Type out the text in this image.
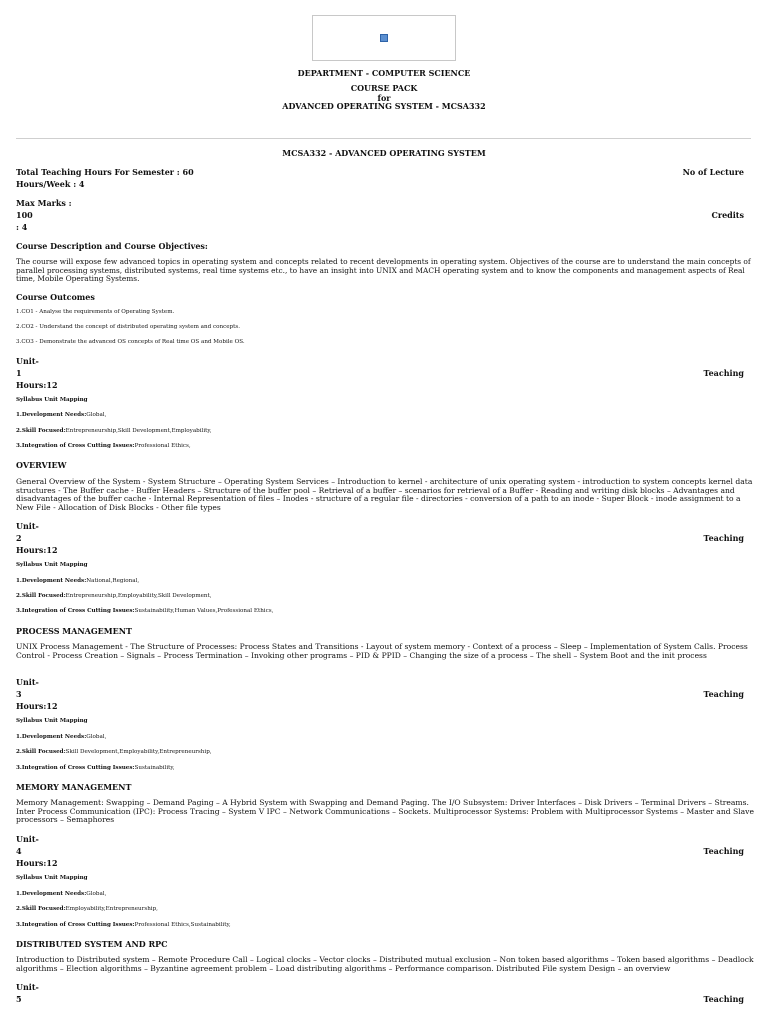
DEPARTMENT - COMPUTER SCIENCE
COURSE PACK
for
ADVANCED OPERATING SYSTEM - MCSA332
MCSA332 - ADVANCED OPERATING SYSTEM
Total Teaching Hours For Semester : 60	No of Lecture
Hours/Week : 4
Max Marks :
100	Credits
: 4
Course Description and Course Objectives:
The course will expose few advanced topics in operating system and concepts related to recent developments in operating system. Objectives of the course are to understand the main concepts of parallel processing systems, distributed systems, real time systems etc., to have an insight into UNIX and MACH operating system and to know the components and management aspects of Real time, Mobile Operating Systems.
Course Outcomes
1.CO1 - Analyse the requirements of Operating System.
2.CO2 - Understand the concept of distributed operating system and concepts.
3.CO3 - Demonstrate the advanced OS concepts of Real time OS and Mobile OS.
Unit-
1	Teaching
Hours:12
Syllabus Unit Mapping
1.Development Needs:Global,
2.Skill Focused:Entrepreneurship,Skill Development,Employability,
3.Integration of Cross Cutting Issues:Professional Ethics,
OVERVIEW
General Overview of the System - System Structure – Operating System Services – Introduction to kernel - architecture of unix operating system - introduction to system concepts kernel data structures - The Buffer cache - Buffer Headers – Structure of the buffer pool – Retrieval of a buffer – scenarios for retrieval of a Buffer - Reading and writing disk blocks – Advantages and disadvantages of the buffer cache - Internal Representation of files – Inodes - structure of a regular file - directories - conversion of a path to an inode - Super Block - inode assignment to a New File - Allocation of Disk Blocks - Other file types
Unit-
2	Teaching
Hours:12
Syllabus Unit Mapping
1.Development Needs:National,Regional,
2.Skill Focused:Entrepreneurship,Employability,Skill Development,
3.Integration of Cross Cutting Issues:Sustainability,Human Values,Professional Ethics,
PROCESS MANAGEMENT
UNIX Process Management - The Structure of Processes: Process States and Transitions - Layout of system memory - Context of a process – Sleep – Implementation of System Calls. Process Control - Process Creation – Signals – Process Termination – Invoking other programs – PID & PPID – Changing the size of a process – The shell – System Boot and the init process
Unit-
3	Teaching
Hours:12
Syllabus Unit Mapping
1.Development Needs:Global,
2.Skill Focused:Skill Development,Employability,Entrepreneurship,
3.Integration of Cross Cutting Issues:Sustainability,
MEMORY MANAGEMENT
Memory Management: Swapping – Demand Paging – A Hybrid System with Swapping and Demand Paging. The I/O Subsystem: Driver Interfaces – Disk Drivers – Terminal Drivers – Streams. Inter Process Communication (IPC): Process Tracing – System V IPC – Network Communications – Sockets. Multiprocessor Systems: Problem with Multiprocessor Systems – Master and Slave processors – Semaphores
Unit-
4	Teaching
Hours:12
Syllabus Unit Mapping
1.Development Needs:Global,
2.Skill Focused:Employability,Entrepreneurship,
3.Integration of Cross Cutting Issues:Professional Ethics,Sustainability,
DISTRIBUTED SYSTEM AND RPC
Introduction to Distributed system – Remote Procedure Call – Logical clocks – Vector clocks – Distributed mutual exclusion – Non token based algorithms – Token based algorithms – Deadlock algorithms – Election algorithms – Byzantine agreement problem – Load distributing algorithms – Performance comparison. Distributed File system Design – an overview
Unit-
5	Teaching
